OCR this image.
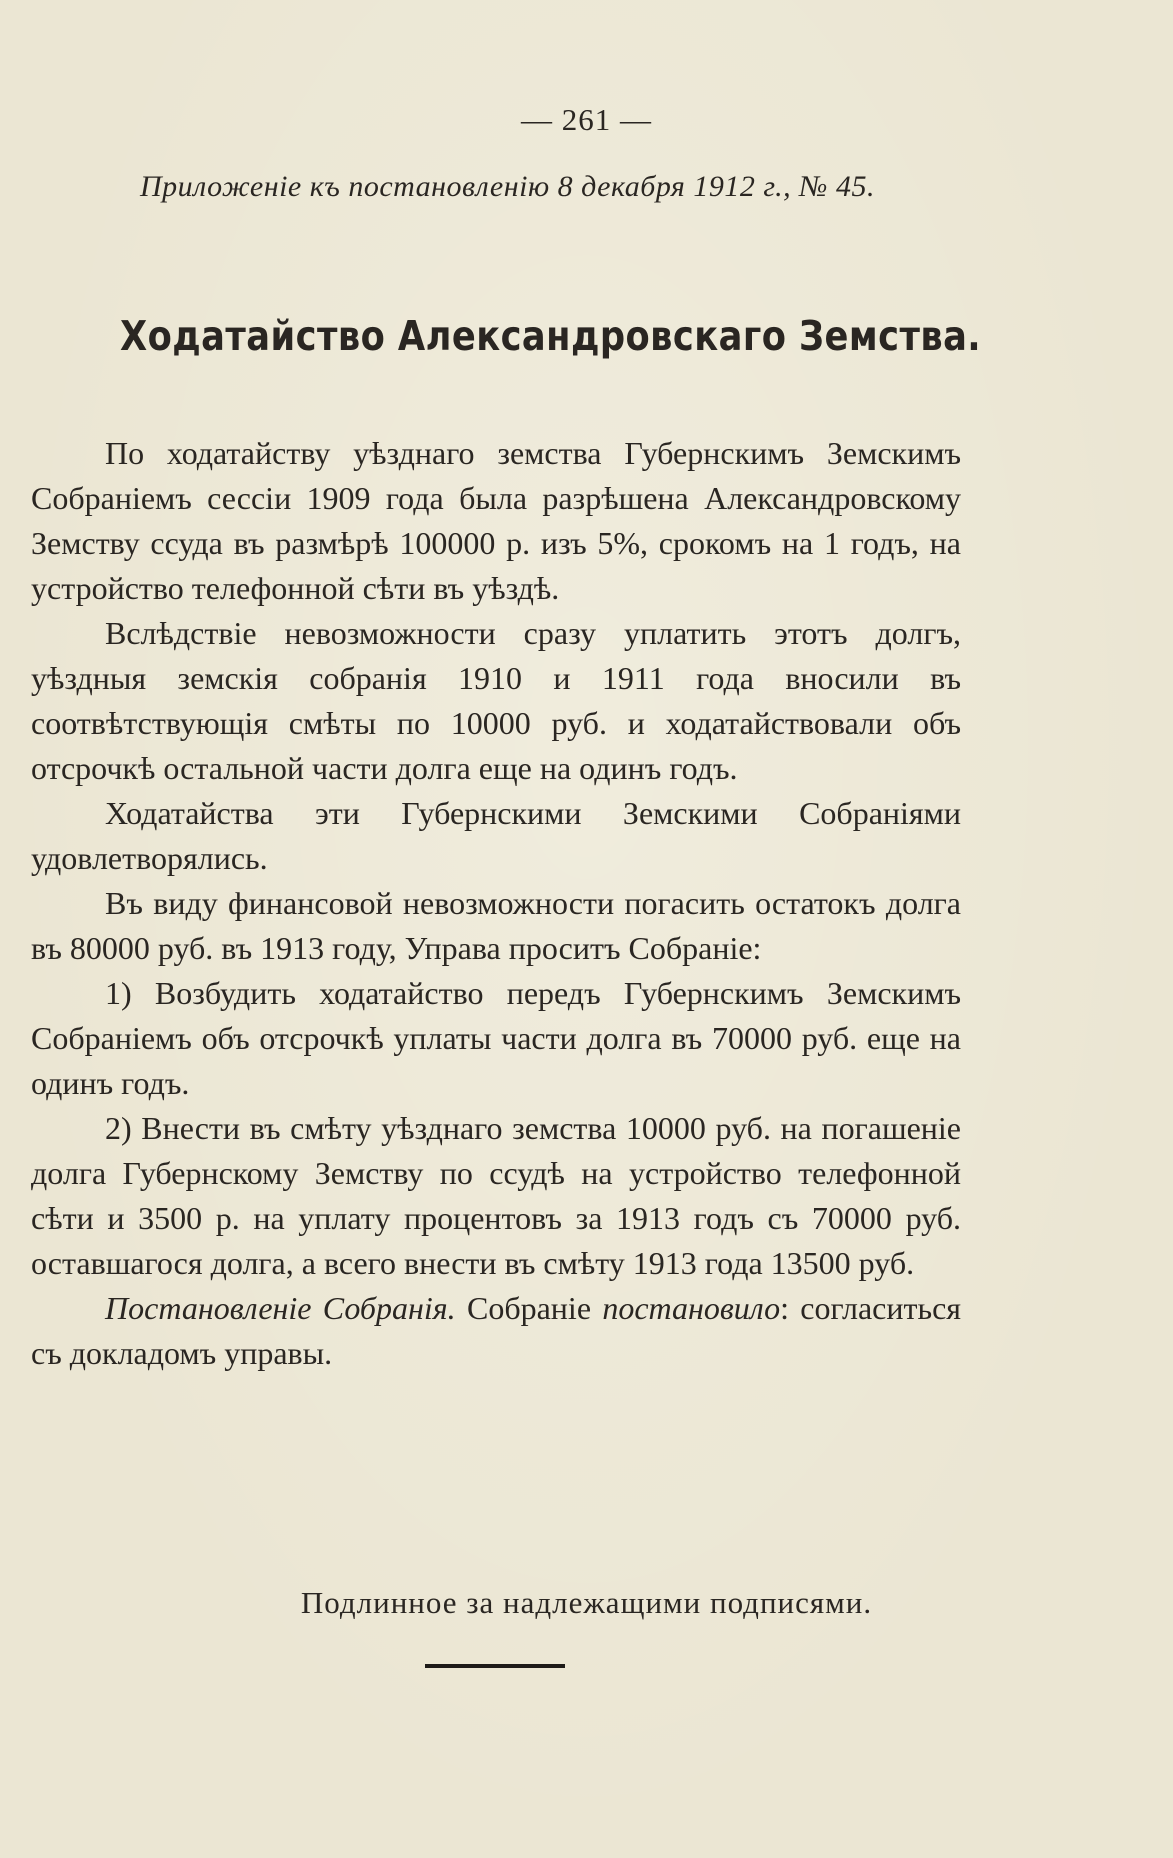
— 261 —
Приложеніе къ постановленію 8 декабря 1912 г., № 45.
Ходатайство Александровскаго Земства.

По ходатайству уѣзднаго земства Губернскимъ Земскимъ Собраніемъ сессіи 1909 года была разрѣшена Александровскому Земству ссуда въ размѣрѣ 100000 р. изъ 5%, срокомъ на 1 годъ, на устройство телефонной сѣти въ уѣздѣ.

Вслѣдствіе невозможности сразу уплатить этотъ долгъ, уѣздныя земскія собранія 1910 и 1911 года вносили въ соотвѣтствующія смѣты по 10000 руб. и ходатайствовали объ отсрочкѣ остальной части долга еще на одинъ годъ.

Ходатайства эти Губернскими Земскими Собраніями удовлетворялись.

Въ виду финансовой невозможности погасить остатокъ долга въ 80000 руб. въ 1913 году, Управа проситъ Собраніе:

1) Возбудить ходатайство передъ Губернскимъ Земскимъ Собраніемъ объ отсрочкѣ уплаты части долга въ 70000 руб. еще на одинъ годъ.

2) Внести въ смѣту уѣзднаго земства 10000 руб. на погашеніе долга Губернскому Земству по ссудѣ на устройство телефонной сѣти и 3500 р. на уплату процентовъ за 1913 годъ съ 70000 руб. оставшагося долга, а всего внести въ смѣту 1913 года 13500 руб.

Постановленіе Собранія. Собраніе постановило: согласиться съ докладомъ управы.

Подлинное за надлежащими подписями.
